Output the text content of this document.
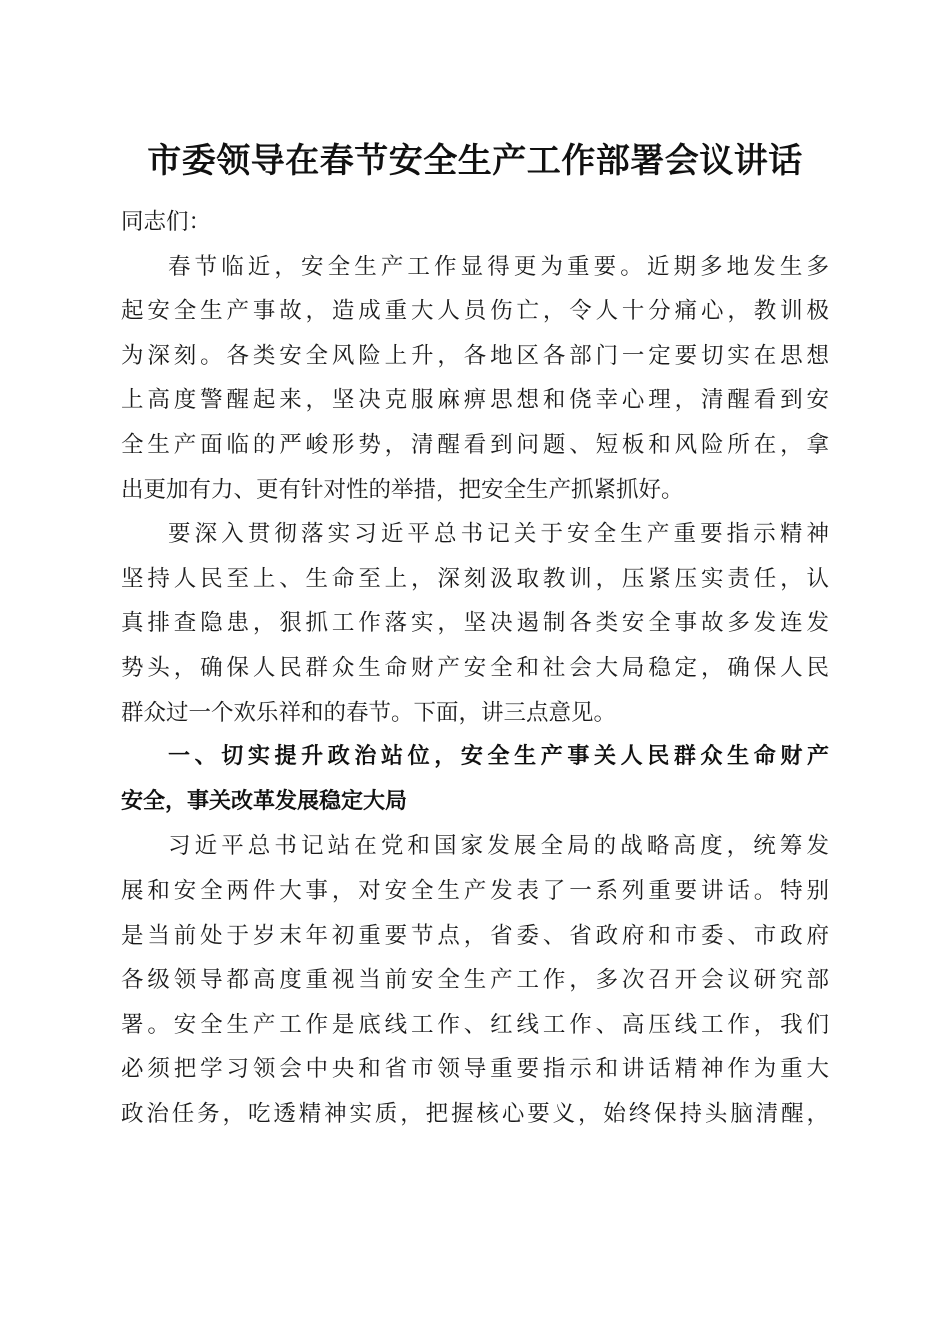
市委领导在春节安全生产工作部署会议讲话
同志们：
春节临近，安全生产工作显得更为重要。近期多地发生多
起安全生产事故，造成重大人员伤亡，令人十分痛心，教训极
为深刻。各类安全风险上升，各地区各部门一定要切实在思想
上高度警醒起来，坚决克服麻痹思想和侥幸心理，清醒看到安
全生产面临的严峻形势，清醒看到问题、短板和风险所在，拿
出更加有力、更有针对性的举措，把安全生产抓紧抓好。
要深入贯彻落实习近平总书记关于安全生产重要指示精神
坚持人民至上、生命至上，深刻汲取教训，压紧压实责任，认
真排查隐患，狠抓工作落实，坚决遏制各类安全事故多发连发
势头，确保人民群众生命财产安全和社会大局稳定，确保人民
群众过一个欢乐祥和的春节。下面，讲三点意见。
一、切实提升政治站位，安全生产事关人民群众生命财产
安全，事关改革发展稳定大局
习近平总书记站在党和国家发展全局的战略高度，统筹发
展和安全两件大事，对安全生产发表了一系列重要讲话。特别
是当前处于岁末年初重要节点，省委、省政府和市委、市政府
各级领导都高度重视当前安全生产工作，多次召开会议研究部
署。安全生产工作是底线工作、红线工作、高压线工作，我们
必须把学习领会中央和省市领导重要指示和讲话精神作为重大
政治任务，吃透精神实质，把握核心要义，始终保持头脑清醒，
